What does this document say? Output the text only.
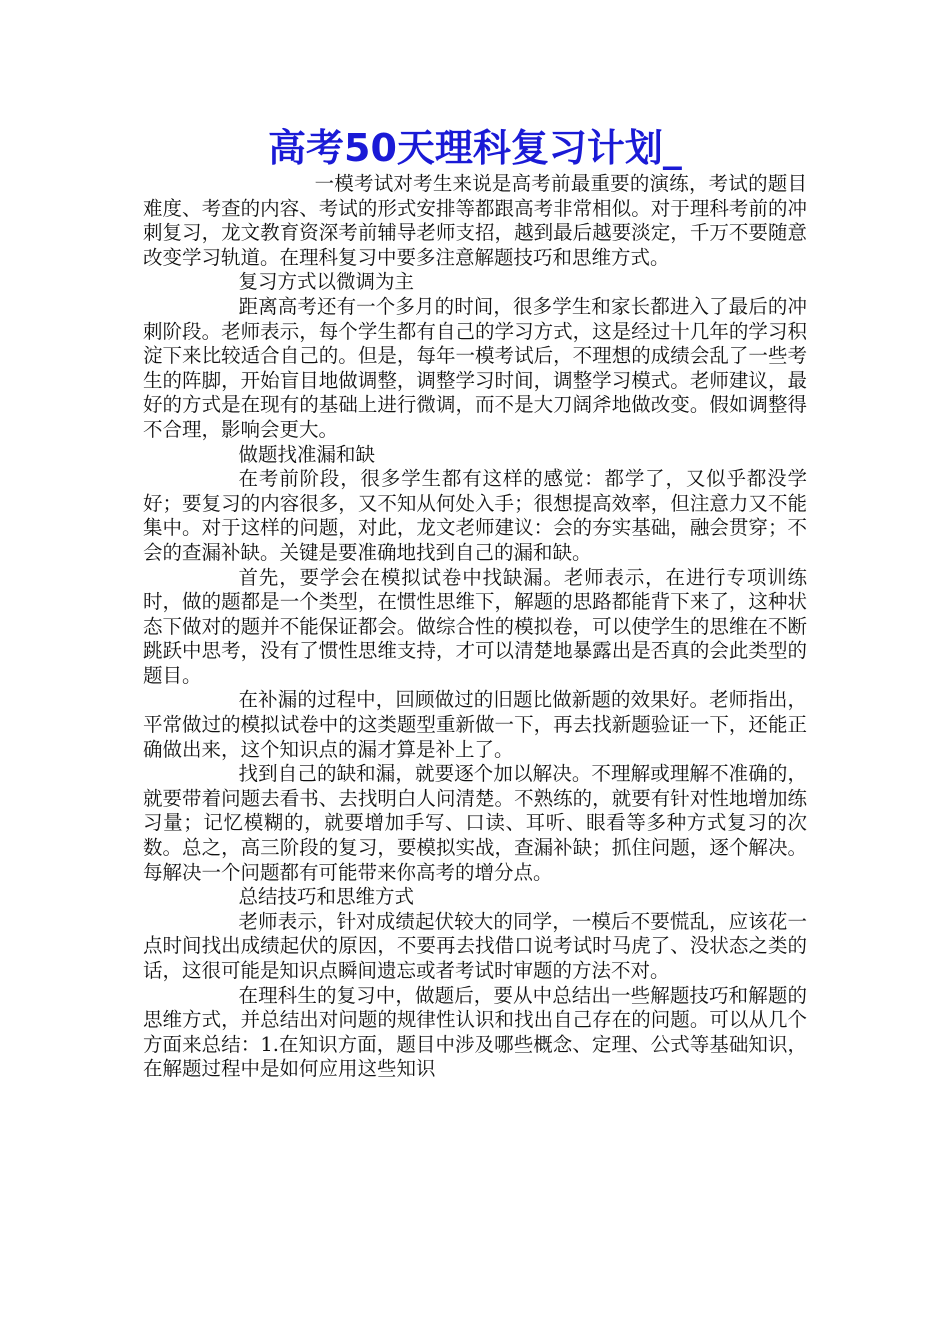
高考50天理科复习计划_

一模考试对考生来说是高考前最重要的演练，考试的题目难度、考查的内容、考试的形式安排等都跟高考非常相似。对于理科考前的冲刺复习，龙文教育资深考前辅导老师支招，越到最后越要淡定，千万不要随意改变学习轨道。在理科复习中要多注意解题技巧和思维方式。

复习方式以微调为主

距离高考还有一个多月的时间，很多学生和家长都进入了最后的冲刺阶段。老师表示，每个学生都有自己的学习方式，这是经过十几年的学习积淀下来比较适合自己的。但是，每年一模考试后，不理想的成绩会乱了一些考生的阵脚，开始盲目地做调整，调整学习时间，调整学习模式。老师建议，最好的方式是在现有的基础上进行微调，而不是大刀阔斧地做改变。假如调整得不合理，影响会更大。

做题找准漏和缺

在考前阶段，很多学生都有这样的感觉：都学了，又似乎都没学好；要复习的内容很多，又不知从何处入手；很想提高效率，但注意力又不能集中。对于这样的问题，对此，龙文老师建议：会的夯实基础，融会贯穿；不会的查漏补缺。关键是要准确地找到自己的漏和缺。

首先，要学会在模拟试卷中找缺漏。老师表示，在进行专项训练时，做的题都是一个类型，在惯性思维下，解题的思路都能背下来了，这种状态下做对的题并不能保证都会。做综合性的模拟卷，可以使学生的思维在不断跳跃中思考，没有了惯性思维支持，才可以清楚地暴露出是否真的会此类型的题目。

在补漏的过程中，回顾做过的旧题比做新题的效果好。老师指出，平常做过的模拟试卷中的这类题型重新做一下，再去找新题验证一下，还能正确做出来，这个知识点的漏才算是补上了。

找到自己的缺和漏，就要逐个加以解决。不理解或理解不准确的，就要带着问题去看书、去找明白人问清楚。不熟练的，就要有针对性地增加练习量；记忆模糊的，就要增加手写、口读、耳听、眼看等多种方式复习的次数。总之，高三阶段的复习，要模拟实战，查漏补缺；抓住问题，逐个解决。每解决一个问题都有可能带来你高考的增分点。

总结技巧和思维方式

老师表示，针对成绩起伏较大的同学，一模后不要慌乱，应该花一点时间找出成绩起伏的原因，不要再去找借口说考试时马虎了、没状态之类的话，这很可能是知识点瞬间遗忘或者考试时审题的方法不对。

在理科生的复习中，做题后，要从中总结出一些解题技巧和解题的思维方式，并总结出对问题的规律性认识和找出自己存在的问题。可以从几个方面来总结：1.在知识方面，题目中涉及哪些概念、定理、公式等基础知识，在解题过程中是如何应用这些知识
